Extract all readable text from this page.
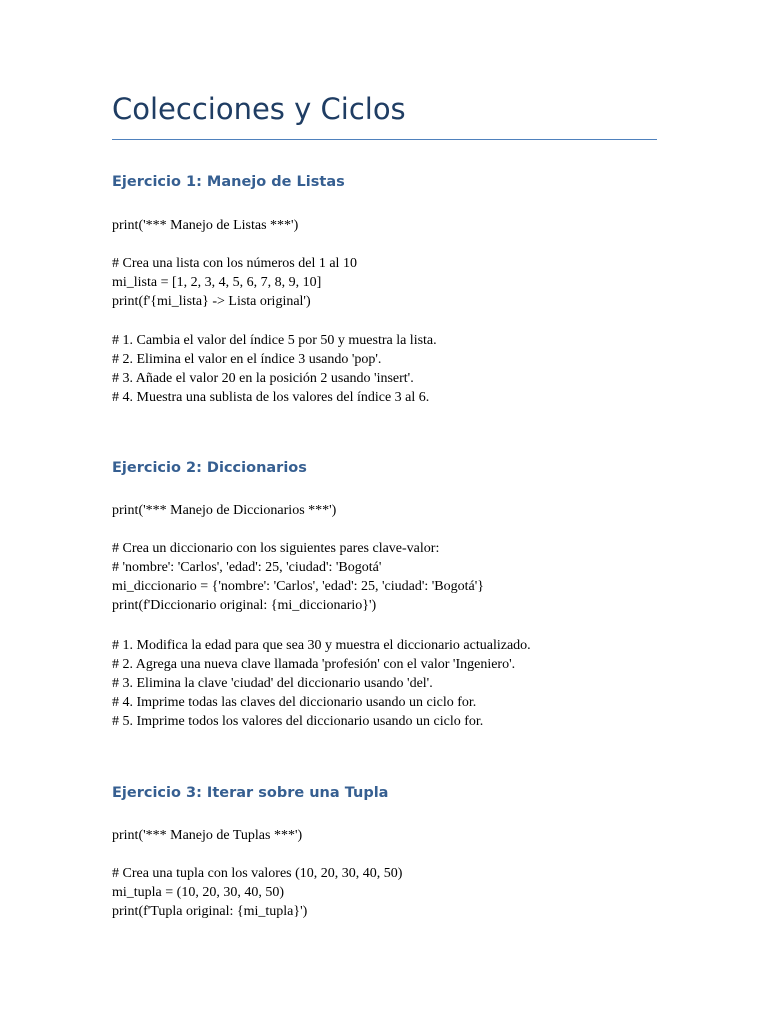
Colecciones y Ciclos
Ejercicio 1: Manejo de Listas
print('*** Manejo de Listas ***')
# Crea una lista con los números del 1 al 10
mi_lista = [1, 2, 3, 4, 5, 6, 7, 8, 9, 10]
print(f'{mi_lista} -> Lista original')
# 1. Cambia el valor del índice 5 por 50 y muestra la lista.
# 2. Elimina el valor en el índice 3 usando 'pop'.
# 3. Añade el valor 20 en la posición 2 usando 'insert'.
# 4. Muestra una sublista de los valores del índice 3 al 6.
Ejercicio 2: Diccionarios
print('*** Manejo de Diccionarios ***')
# Crea un diccionario con los siguientes pares clave-valor:
# 'nombre': 'Carlos', 'edad': 25, 'ciudad': 'Bogotá'
mi_diccionario = {'nombre': 'Carlos', 'edad': 25, 'ciudad': 'Bogotá'}
print(f'Diccionario original: {mi_diccionario}')
# 1. Modifica la edad para que sea 30 y muestra el diccionario actualizado.
# 2. Agrega una nueva clave llamada 'profesión' con el valor 'Ingeniero'.
# 3. Elimina la clave 'ciudad' del diccionario usando 'del'.
# 4. Imprime todas las claves del diccionario usando un ciclo for.
# 5. Imprime todos los valores del diccionario usando un ciclo for.
Ejercicio 3: Iterar sobre una Tupla
print('*** Manejo de Tuplas ***')
# Crea una tupla con los valores (10, 20, 30, 40, 50)
mi_tupla = (10, 20, 30, 40, 50)
print(f'Tupla original: {mi_tupla}')
